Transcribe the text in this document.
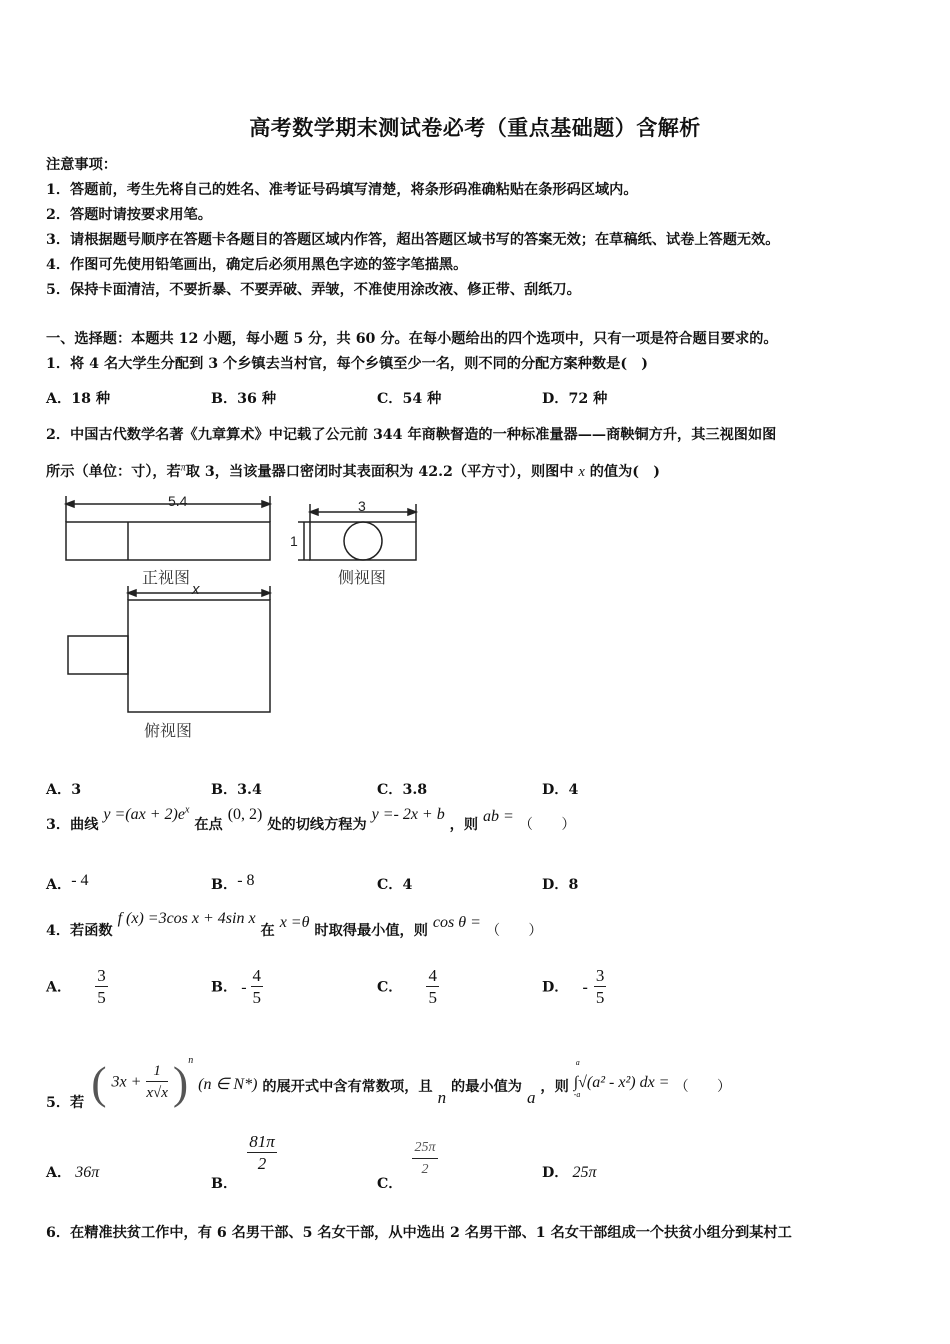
高考数学期末测试卷必考（重点基础题）含解析
注意事项：
1．答题前，考生先将自己的姓名、准考证号码填写清楚，将条形码准确粘贴在条形码区域内。
2．答题时请按要求用笔。
3．请根据题号顺序在答题卡各题目的答题区域内作答，超出答题区域书写的答案无效；在草稿纸、试卷上答题无效。
4．作图可先使用铅笔画出，确定后必须用黑色字迹的签字笔描黑。
5．保持卡面清洁，不要折暴、不要弄破、弄皱，不准使用涂改液、修正带、刮纸刀。
一、选择题：本题共 12 小题，每小题 5 分，共 60 分。在每小题给出的四个选项中，只有一项是符合题目要求的。
1．将 4 名大学生分配到 3 个乡镇去当村官，每个乡镇至少一名，则不同的分配方案种数是(　)
A．18 种	B．36 种	C．54 种	D．72 种
2．中国古代数学名著《九章算术》中记载了公元前 344 年商鞅督造的一种标准量器——商鞅铜方升，其三视图如图
所示（单位：寸），若$^\pi$取 3，当该量器口密闭时其表面积为 42.2（平方寸），则图中 x 的值为(　)
5.4	3
1
x
正视图	侧视图
俯视图
A．3	B．3.4	C．3.8	D．4
3．曲线 $y =(ax + 2)e^x$ 在点 (0, 2) 处的切线方程为 y =- 2x + b ，则 ab = （　　）
A．- 4	B．- 8	C．4	D．8
4．若函数 f (x) =3cos x + 4sin x 在 x =θ 时取得最小值，则 cos θ = （　　）
A． $\frac{3}{5}$	B． - $\frac{4}{5}$	C． $\frac{4}{5}$	D． - $\frac{3}{5}$
5．若 ( $3x + \frac{1}{x√x} )^n$ (n ∈ N*) 的展开式中含有常数项，且 n 的最小值为 a ，则
a
-a
∫√(a² - x²) dx = （　　）
A． 36π
B．
$\frac{81\pi}{2}$
C．
$\frac{25\pi}{2}$	D． 25π
6．在精准扶贫工作中，有 6 名男干部、5 名女干部，从中选出 2 名男干部、1 名女干部组成一个扶贫小组分到某村工
